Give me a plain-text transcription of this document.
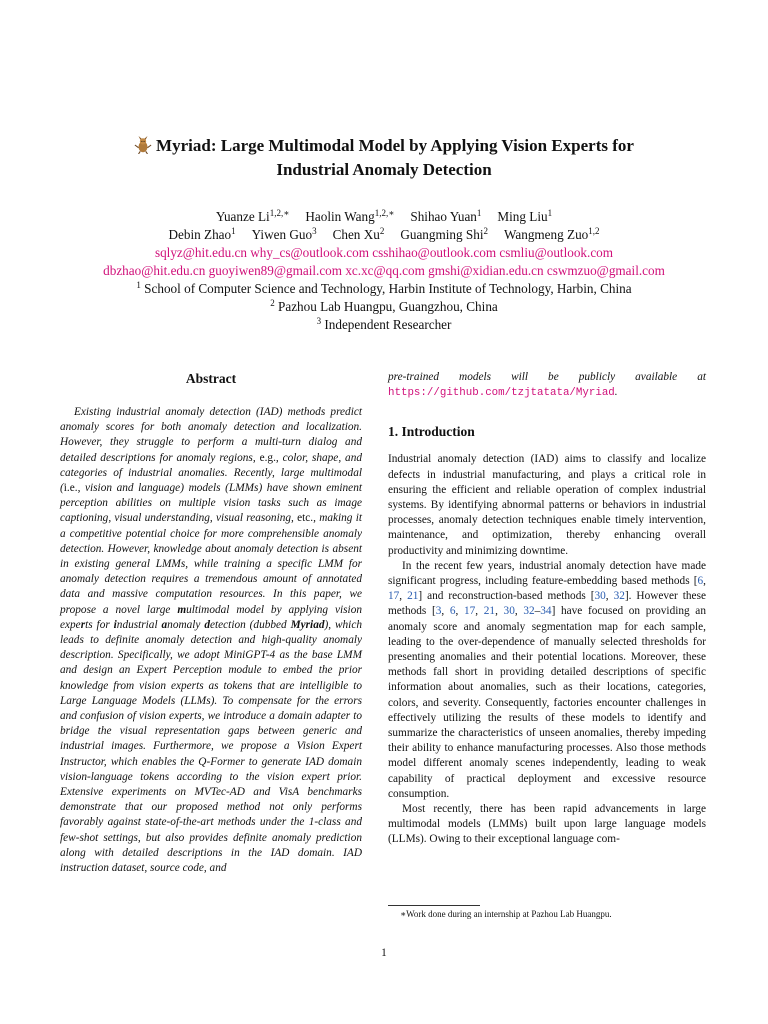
Myriad: Large Multimodal Model by Applying Vision Experts for
Industrial Anomaly Detection
Yuanze $Li^{1,2,∗}$ Haolin Wang$^{1,2,∗}$ Shihao Yuan$^1$ Ming Liu$^1$
Debin Zhao$^1$ Yiwen Guo$^3$ Chen Xu$^2$ Guangming Shi$^2$ Wangmeng Zuo$^{1,2}$
sqlyz@hit.edu.cn why_cs@outlook.com csshihao@outlook.com csmliu@outlook.com
dbzhao@hit.edu.cn guoyiwen89@gmail.com xc.xc@qq.com gmshi@xidian.edu.cn cswmzuo@gmail.com
$^1$ School of Computer Science and Technology, Harbin Institute of Technology, Harbin, China
$^2$ Pazhou Lab Huangpu, Guangzhou, China
$^3$ Independent Researcher
Abstract
Existing industrial anomaly detection (IAD) methods predict anomaly scores for both anomaly detection and localization. However, they struggle to perform a multi-turn dialog and detailed descriptions for anomaly regions, e.g., color, shape, and categories of industrial anomalies. Recently, large multimodal (i.e., vision and language) models (LMMs) have shown eminent perception abilities on multiple vision tasks such as image captioning, visual understanding, visual reasoning, etc., making it a competitive potential choice for more comprehensible anomaly detection. However, knowledge about anomaly detection is absent in existing general LMMs, while training a specific LMM for anomaly detection requires a tremendous amount of annotated data and massive computation resources. In this paper, we propose a novel large multimodal model by applying vision experts for industrial anomaly detection (dubbed Myriad), which leads to definite anomaly detection and high-quality anomaly description. Specifically, we adopt MiniGPT-4 as the base LMM and design an Expert Perception module to embed the prior knowledge from vision experts as tokens that are intelligible to Large Language Models (LLMs). To compensate for the errors and confusion of vision experts, we introduce a domain adapter to bridge the visual representation gaps between generic and industrial images. Furthermore, we propose a Vision Expert Instructor, which enables the Q-Former to generate IAD domain vision-language tokens according to the vision expert prior. Extensive experiments on MVTec-AD and VisA benchmarks demonstrate that our proposed method not only performs favorably against state-of-the-art methods under the 1-class and few-shot settings, but also provides definite anomaly prediction along with detailed descriptions in the IAD domain. IAD instruction dataset, source code, and
pre-trained models will be publicly available at https://github.com/tzjtatata/Myriad.
1. Introduction
Industrial anomaly detection (IAD) aims to classify and localize defects in industrial manufacturing, and plays a critical role in ensuring the efficient and reliable operation of complex industrial systems. By identifying abnormal patterns or behaviors in industrial processes, anomaly detection techniques enable timely intervention, maintenance, and optimization, thereby enhancing overall productivity and minimizing downtime.
In the recent few years, industrial anomaly detection have made significant progress, including feature-embedding based methods [6, 17, 21] and reconstruction-based methods [30, 32]. However these methods [3, 6, 17, 21, 30, 32–34] have focused on providing an anomaly score and anomaly segmentation map for each sample, leading to the over-dependence of manually selected thresholds for presenting anomalies and their potential locations. Moreover, these methods fall short in providing detailed descriptions of specific information about anomalies, such as their locations, categories, colors, and severity. Consequently, factories encounter challenges in effectively utilizing the results of these models to identify and summarize the characteristics of unseen anomalies, thereby impeding their ability to enhance manufacturing processes. Also those methods model different anomaly scenes independently, leading to weak capability of practical deployment and excessive resource consumption.
Most recently, there has been rapid advancements in large multimodal models (LMMs) built upon large language models (LLMs). Owing to their exceptional language com-
∗Work done during an internship at Pazhou Lab Huangpu.
1
